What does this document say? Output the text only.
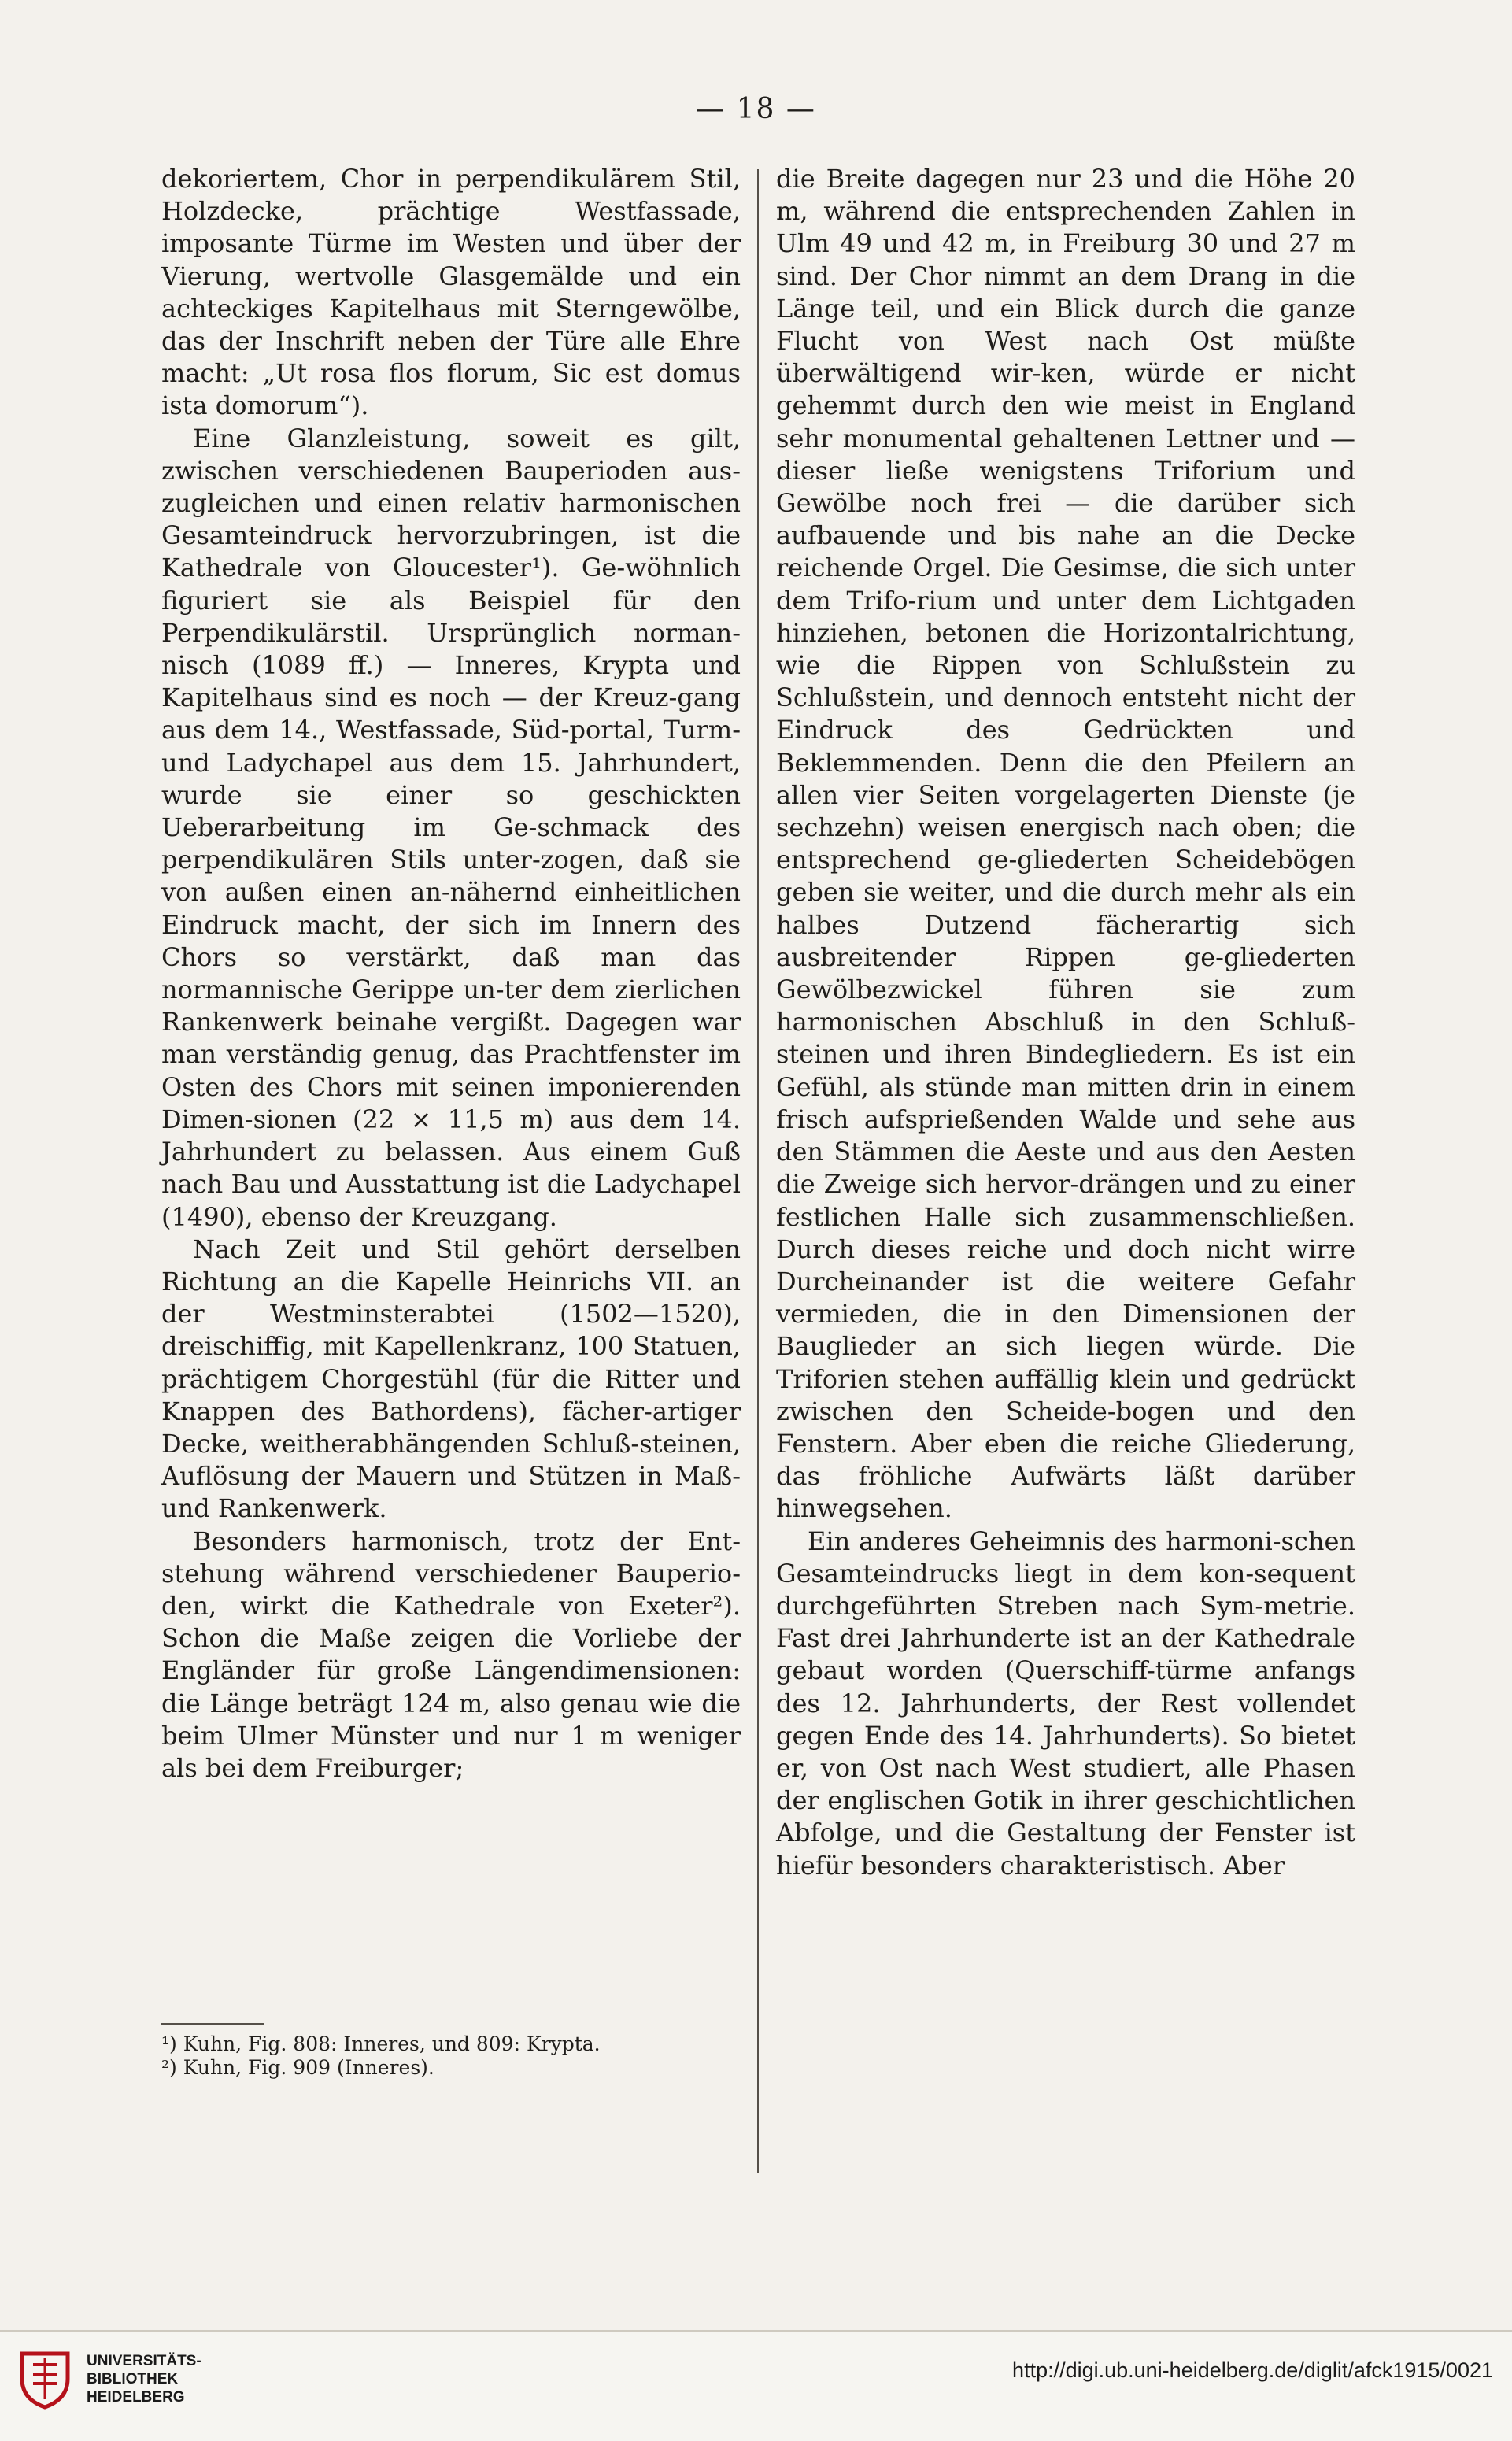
— 18 —

dekoriertem, Chor in perpendikulärem Stil, Holzdecke, prächtige Westfassade, imposante Türme im Westen und über der Vierung, wertvolle Glasgemälde und ein achteckiges Kapitelhaus mit Sterngewölbe, das der Inschrift neben der Türe alle Ehre macht: „Ut rosa flos florum, Sic est domus ista domorum“).

Eine Glanzleistung, soweit es gilt, zwischen verschiedenen Bauperioden aus-zugleichen und einen relativ harmonischen Gesamteindruck hervorzubringen, ist die Kathedrale von Gloucester¹). Ge-wöhnlich figuriert sie als Beispiel für den Perpendikulärstil. Ursprünglich norman-nisch (1089 ff.) — Inneres, Krypta und Kapitelhaus sind es noch — der Kreuz-gang aus dem 14., Westfassade, Süd-portal, Turm- und Ladychapel aus dem 15. Jahrhundert, wurde sie einer so geschickten Ueberarbeitung im Ge-schmack des perpendikulären Stils unter-zogen, daß sie von außen einen an-nähernd einheitlichen Eindruck macht, der sich im Innern des Chors so verstärkt, daß man das normannische Gerippe un-ter dem zierlichen Rankenwerk beinahe vergißt. Dagegen war man verständig genug, das Prachtfenster im Osten des Chors mit seinen imponierenden Dimen-sionen (22 × 11,5 m) aus dem 14. Jahrhundert zu belassen. Aus einem Guß nach Bau und Ausstattung ist die Ladychapel (1490), ebenso der Kreuzgang.

Nach Zeit und Stil gehört derselben Richtung an die Kapelle Heinrichs VII. an der Westminsterabtei (1502—1520), dreischiffig, mit Kapellenkranz, 100 Statuen, prächtigem Chorgestühl (für die Ritter und Knappen des Bathordens), fächer-artiger Decke, weitherabhängenden Schluß-steinen, Auflösung der Mauern und Stützen in Maß- und Rankenwerk.

Besonders harmonisch, trotz der Ent-stehung während verschiedener Bauperio-den, wirkt die Kathedrale von Exeter²). Schon die Maße zeigen die Vorliebe der Engländer für große Längendimensionen: die Länge beträgt 124 m, also genau wie die beim Ulmer Münster und nur 1 m weniger als bei dem Freiburger;

die Breite dagegen nur 23 und die Höhe 20 m, während die entsprechenden Zahlen in Ulm 49 und 42 m, in Freiburg 30 und 27 m sind. Der Chor nimmt an dem Drang in die Länge teil, und ein Blick durch die ganze Flucht von West nach Ost müßte überwältigend wir-ken, würde er nicht gehemmt durch den wie meist in England sehr monumental gehaltenen Lettner und — dieser ließe wenigstens Triforium und Gewölbe noch frei — die darüber sich aufbauende und bis nahe an die Decke reichende Orgel. Die Gesimse, die sich unter dem Trifo-rium und unter dem Lichtgaden hinziehen, betonen die Horizontalrichtung, wie die Rippen von Schlußstein zu Schlußstein, und dennoch entsteht nicht der Eindruck des Gedrückten und Beklemmenden. Denn die den Pfeilern an allen vier Seiten vorgelagerten Dienste (je sechzehn) weisen energisch nach oben; die entsprechend ge-gliederten Scheidebögen geben sie weiter, und die durch mehr als ein halbes Dutzend fächerartig sich ausbreitender Rippen ge-gliederten Gewölbezwickel führen sie zum harmonischen Abschluß in den Schluß-steinen und ihren Bindegliedern. Es ist ein Gefühl, als stünde man mitten drin in einem frisch aufsprießenden Walde und sehe aus den Stämmen die Aeste und aus den Aesten die Zweige sich hervor-drängen und zu einer festlichen Halle sich zusammenschließen. Durch dieses reiche und doch nicht wirre Durcheinander ist die weitere Gefahr vermieden, die in den Dimensionen der Bauglieder an sich liegen würde. Die Triforien stehen auffällig klein und gedrückt zwischen den Scheide-bogen und den Fenstern. Aber eben die reiche Gliederung, das fröhliche Aufwärts läßt darüber hinwegsehen.

Ein anderes Geheimnis des harmoni-schen Gesamteindrucks liegt in dem kon-sequent durchgeführten Streben nach Sym-metrie. Fast drei Jahrhunderte ist an der Kathedrale gebaut worden (Querschiff-türme anfangs des 12. Jahrhunderts, der Rest vollendet gegen Ende des 14. Jahrhunderts). So bietet er, von Ost nach West studiert, alle Phasen der englischen Gotik in ihrer geschichtlichen Abfolge, und die Gestaltung der Fenster ist hiefür besonders charakteristisch. Aber

¹) Kuhn, Fig. 808: Inneres, und 809: Krypta.

²) Kuhn, Fig. 909 (Inneres).

UNIVERSITÄTS-
BIBLIOTHEK
HEIDELBERG
http://digi.ub.uni-heidelberg.de/diglit/afck1915/0021
